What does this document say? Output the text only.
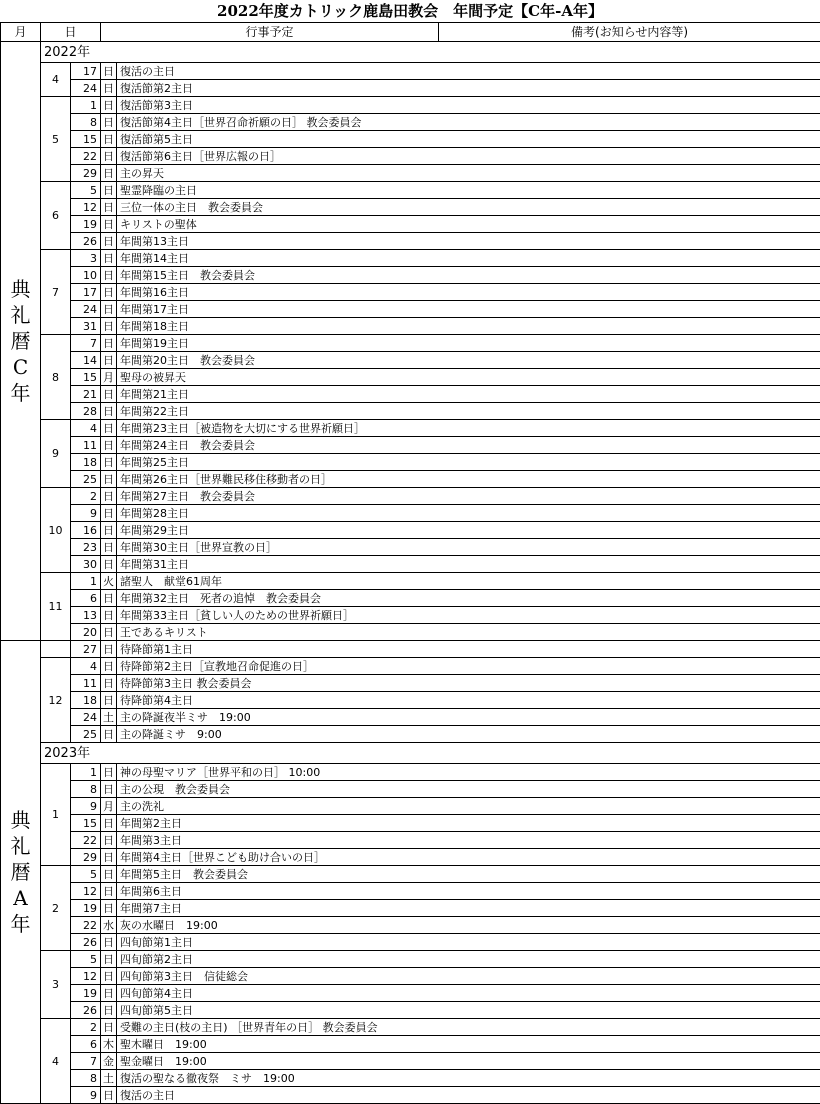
2022年度カトリック鹿島田教会　年間予定【C年-A年】
月	日		行事予定		備考(お知らせ内容等)	
典礼暦C年	2022年					
	4	17	日	復活の主日		
		24	日	復活節第2主日	
	5	1	日	復活節第3主日		
		8	日	復活節第4主日［世界召命祈願の日］ 教会委員会	
		15	日	復活節第5主日		
		22	日	復活節第6主日［世界広報の日］		
		29	日	主の昇天		
	6	5	日	聖霊降臨の主日		
		12	日	三位一体の主日　教会委員会	
		19	日	キリストの聖体	
		26	日	年間第13主日	
	7	3	日	年間第14主日		
		10	日	年間第15主日　教会委員会		
		17	日	年間第16主日		
		24	日	年間第17主日		
		31	日	年間第18主日	
	8	7	日	年間第19主日		
		14	日	年間第20主日　教会委員会		
		15	月	聖母の被昇天		
		21	日	年間第21主日		
		28	日	年間第22主日		
	9	4	日	年間第23主日［被造物を大切にする世界祈願日］		
		11	日	年間第24主日　教会委員会		
		18	日	年間第25主日	
		25	日	年間第26主日［世界難民移住移動者の日］	
	10	2	日	年間第27主日　教会委員会	
		9	日	年間第28主日		
		16	日	年間第29主日		
		23	日	年間第30主日［世界宣教の日］		
		30	日	年間第31主日		
	11	1	火	諸聖人　献堂61周年	
		6	日	年間第32主日　死者の追悼　教会委員会	
		13	日	年間第33主日［貧しい人のための世界祈願日］	
		20	日	王であるキリスト	
典礼暦A年		27	日	待降節第1主日		
	12	4	日	待降節第2主日［宣教地召命促進の日］		
		11	日	待降節第3主日 教会委員会		
		18	日	待降節第4主日		
		24	土	主の降誕夜半ミサ　19:00		
		25	日	主の降誕ミサ　9:00	
	2023年					
	1	1	日	神の母聖マリア［世界平和の日］ 10:00	
		8	日	主の公現　教会委員会	
		9	月	主の洗礼		
		15	日	年間第2主日	
		22	日	年間第3主日		
		29	日	年間第4主日［世界こども助け合いの日］		
	2	5	日	年間第5主日　教会委員会	
		12	日	年間第6主日		
		19	日	年間第7主日	
		22	水	灰の水曜日　19:00		
		26	日	四旬節第1主日	
	3	5	日	四旬節第2主日		
		12	日	四旬節第3主日　信徒総会	
		19	日	四旬節第4主日		
		26	日	四旬節第5主日	
	4	2	日	受難の主日(枝の主日) ［世界青年の日］ 教会委員会		
		6	木	聖木曜日　19:00		
		7	金	聖金曜日　19:00		
		8	土	復活の聖なる徹夜祭　ミサ　19:00	
		9	日	復活の主日	
